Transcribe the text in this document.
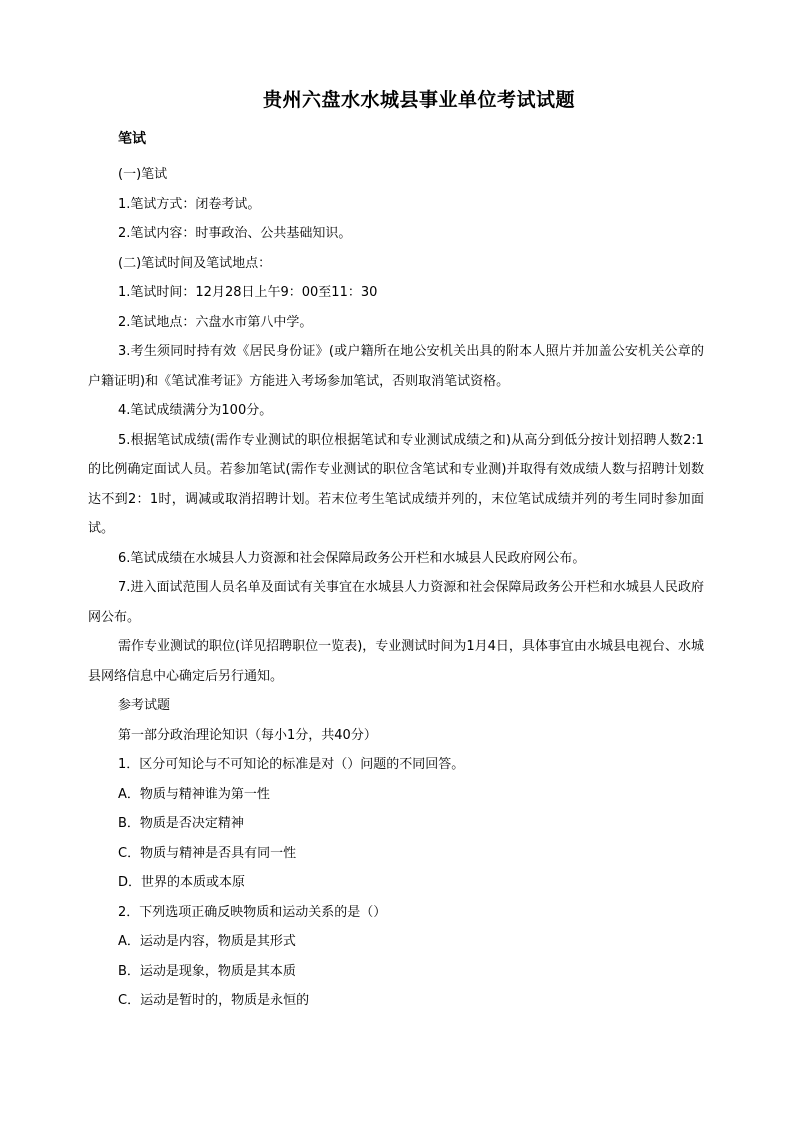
贵州六盘水水城县事业单位考试试题
笔试

(一)笔试

1.笔试方式：闭卷考试。

2.笔试内容：时事政治、公共基础知识。

(二)笔试时间及笔试地点：

1.笔试时间：12月28日上午9：00至11：30

2.笔试地点：六盘水市第八中学。

3.考生须同时持有效《居民身份证》(或户籍所在地公安机关出具的附本人照片并加盖公安机关公章的户籍证明)和《笔试准考证》方能进入考场参加笔试，否则取消笔试资格。

4.笔试成绩满分为100分。

5.根据笔试成绩(需作专业测试的职位根据笔试和专业测试成绩之和)从高分到低分按计划招聘人数2:1的比例确定面试人员。若参加笔试(需作专业测试的职位含笔试和专业测)并取得有效成绩人数与招聘计划数达不到2：1时，调减或取消招聘计划。若末位考生笔试成绩并列的，末位笔试成绩并列的考生同时参加面试。

6.笔试成绩在水城县人力资源和社会保障局政务公开栏和水城县人民政府网公布。

7.进入面试范围人员名单及面试有关事宜在水城县人力资源和社会保障局政务公开栏和水城县人民政府网公布。

需作专业测试的职位(详见招聘职位一览表)，专业测试时间为1月4日，具体事宜由水城县电视台、水城县网络信息中心确定后另行通知。

参考试题

第一部分政治理论知识（每小1分，共40分）

1．区分可知论与不可知论的标准是对（）问题的不同回答。

A．物质与精神谁为第一性

B．物质是否决定精神

C．物质与精神是否具有同一性

D．世界的本质或本原

2．下列选项正确反映物质和运动关系的是（）

A．运动是内容，物质是其形式

B．运动是现象，物质是其本质

C．运动是暂时的，物质是永恒的
